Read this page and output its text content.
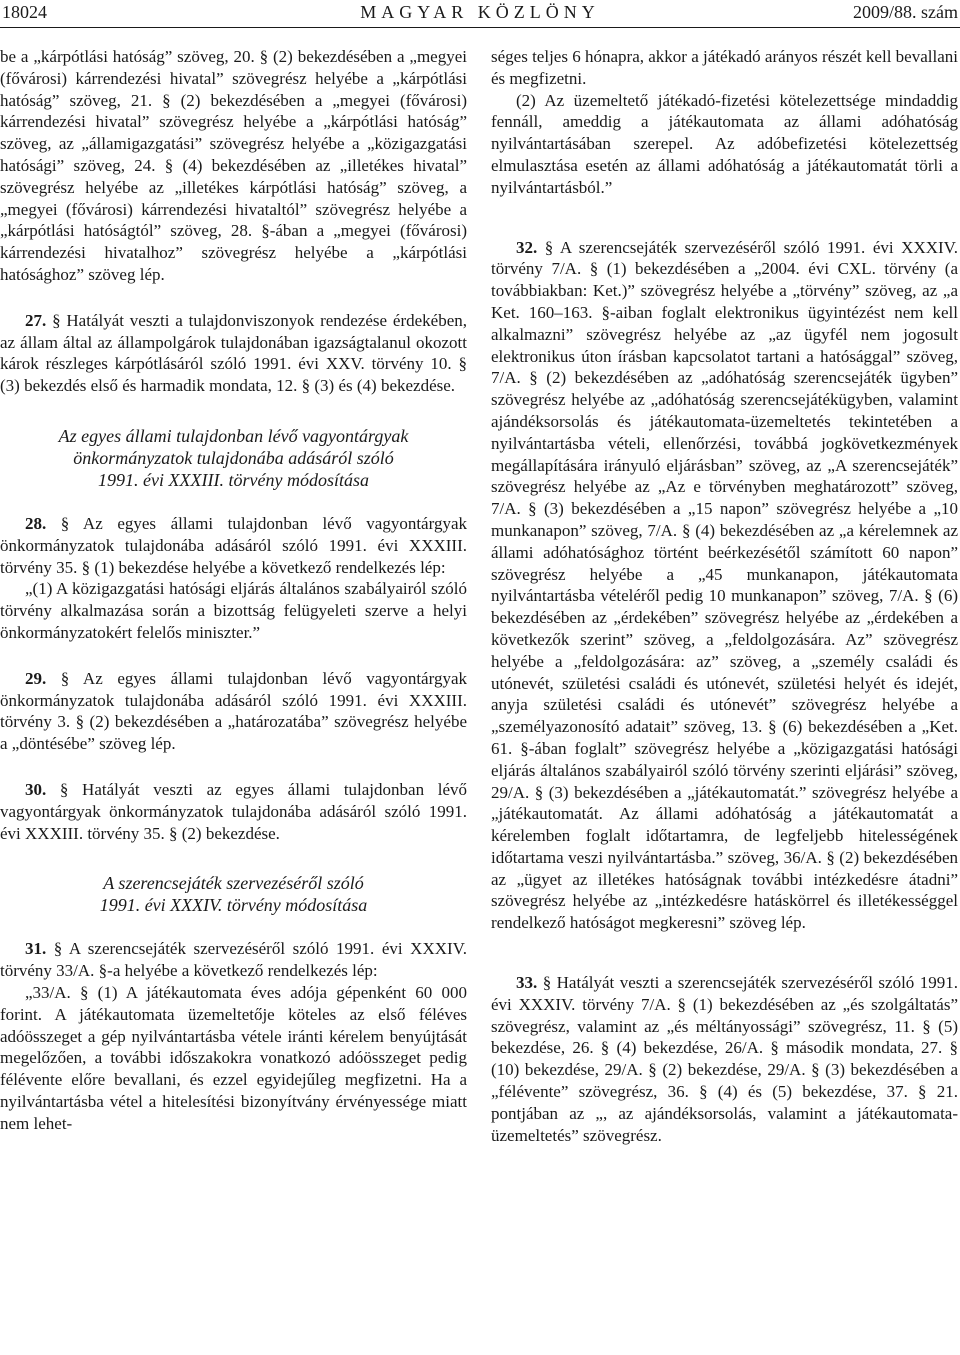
18024	MAGYAR KÖZLÖNY	2009/88. szám

be a „kárpótlási hatóság” szöveg, 20. § (2) bekezdésében a „megyei (fővárosi) kárrendezési hivatal” szövegrész helyébe a „kárpótlási hatóság” szöveg, 21. § (2) bekezdésében a „megyei (fővárosi) kárrendezési hivatal” szövegrész helyébe a „kárpótlási hatóság” szöveg, az „államigazgatási” szövegrész helyébe a „közigazgatási hatósági” szöveg, 24. § (4) bekezdésében az „illetékes hivatal” szövegrész helyébe az „illetékes kárpótlási hatóság” szöveg, a „megyei (fővárosi) kárrendezési hivataltól” szövegrész helyébe a „kárpótlási hatóságtól” szöveg, 28. §-ában a „megyei (fővárosi) kárrendezési hivatalhoz” szövegrész helyébe a „kárpótlási hatósághoz” szöveg lép.

27. § Hatályát veszti a tulajdonviszonyok rendezése érdekében, az állam által az állampolgárok tulajdonában igazságtalanul okozott károk részleges kárpótlásáról szóló 1991. évi XXV. törvény 10. § (3) bekezdés első és harmadik mondata, 12. § (3) és (4) bekezdése.

Az egyes állami tulajdonban lévő vagyontárgyak
önkormányzatok tulajdonába adásáról szóló
1991. évi XXXIII. törvény módosítása

28. § Az egyes állami tulajdonban lévő vagyontárgyak önkormányzatok tulajdonába adásáról szóló 1991. évi XXXIII. törvény 35. § (1) bekezdése helyébe a következő rendelkezés lép:

„(1) A közigazgatási hatósági eljárás általános szabályairól szóló törvény alkalmazása során a bizottság felügyeleti szerve a helyi önkormányzatokért felelős miniszter.”

29. § Az egyes állami tulajdonban lévő vagyontárgyak önkormányzatok tulajdonába adásáról szóló 1991. évi XXXIII. törvény 3. § (2) bekezdésében a „határozatába” szövegrész helyébe a „döntésébe” szöveg lép.

30. § Hatályát veszti az egyes állami tulajdonban lévő vagyontárgyak önkormányzatok tulajdonába adásáról szóló 1991. évi XXXIII. törvény 35. § (2) bekezdése.

A szerencsejáték szervezéséről szóló
1991. évi XXXIV. törvény módosítása

31. § A szerencsejáték szervezéséről szóló 1991. évi XXXIV. törvény 33/A. §-a helyébe a következő rendelkezés lép:

„33/A. § (1) A játékautomata éves adója gépenként 60 000 forint. A játékautomata üzemeltetője köteles az első féléves adóösszeget a gép nyilvántartásba vétele iránti kérelem benyújtását megelőzően, a további időszakokra vonatkozó adóösszeget pedig félévente előre bevallani, és ezzel egyidejűleg megfizetni. Ha a nyilvántartásba vétel a hitelesítési bizonyítvány érvényessége miatt nem lehet-

séges teljes 6 hónapra, akkor a játékadó arányos részét kell bevallani és megfizetni.

(2) Az üzemeltető játékadó-fizetési kötelezettsége mindaddig fennáll, ameddig a játékautomata az állami adóhatóság nyilvántartásában szerepel. Az adóbefizetési kötelezettség elmulasztása esetén az állami adóhatóság a játékautomatát törli a nyilvántartásból.”

32. § A szerencsejáték szervezéséről szóló 1991. évi XXXIV. törvény 7/A. § (1) bekezdésében a „2004. évi CXL. törvény (a továbbiakban: Ket.)” szövegrész helyébe a „törvény” szöveg, az „a Ket. 160–163. §-aiban foglalt elektronikus ügyintézést nem kell alkalmazni” szövegrész helyébe az „az ügyfél nem jogosult elektronikus úton írásban kapcsolatot tartani a hatósággal” szöveg, 7/A. § (2) bekezdésében az „adóhatóság szerencsejáték ügyben” szövegrész helyébe az „adóhatóság szerencsejátékügyben, valamint ajándéksorsolás és játékautomata-üzemeltetés tekintetében a nyilvántartásba vételi, ellenőrzési, továbbá jogkövetkezmények megállapítására irányuló eljárásban” szöveg, az „A szerencsejáték” szövegrész helyébe az „Az e törvényben meghatározott” szöveg, 7/A. § (3) bekezdésében a „15 napon” szövegrész helyébe a „10 munkanapon” szöveg, 7/A. § (4) bekezdésében az „a kérelemnek az állami adóhatósághoz történt beérkezésétől számított 60 napon” szövegrész helyébe a „45 munkanapon, játékautomata nyilvántartásba vételéről pedig 10 munkanapon” szöveg, 7/A. § (6) bekezdésében az „érdekében” szövegrész helyébe az „érdekében a következők szerint” szöveg, a „feldolgozására. Az” szövegrész helyébe a „feldolgozására: az” szöveg, a „személy családi és utónevét, születési családi és utónevét, születési helyét és idejét, anyja születési családi és utónevét” szövegrész helyébe a „személyazonosító adatait” szöveg, 13. § (6) bekezdésében a „Ket. 61. §-ában foglalt” szövegrész helyébe a „közigazgatási hatósági eljárás általános szabályairól szóló törvény szerinti eljárási” szöveg, 29/A. § (3) bekezdésében a „játékautomatát.” szövegrész helyébe a „játékautomatát. Az állami adóhatóság a játékautomatát a kérelemben foglalt időtartamra, de legfeljebb hitelességének időtartama veszi nyilvántartásba.” szöveg, 36/A. § (2) bekezdésében az „ügyet az illetékes hatóságnak további intézkedésre átadni” szövegrész helyébe az „intézkedésre hatáskörrel és illetékességgel rendelkező hatóságot megkeresni” szöveg lép.

33. § Hatályát veszti a szerencsejáték szervezéséről szóló 1991. évi XXXIV. törvény 7/A. § (1) bekezdésében az „és szolgáltatás” szövegrész, valamint az „és méltányossági” szövegrész, 11. § (5) bekezdése, 26. § (4) bekezdése, 26/A. § második mondata, 27. § (10) bekezdése, 29/A. § (2) bekezdése, 29/A. § (3) bekezdésében a „félévente” szövegrész, 36. § (4) és (5) bekezdése, 37. § 21. pontjában az „, az ajándéksorsolás, valamint a játékautomata-üzemeltetés” szövegrész.
